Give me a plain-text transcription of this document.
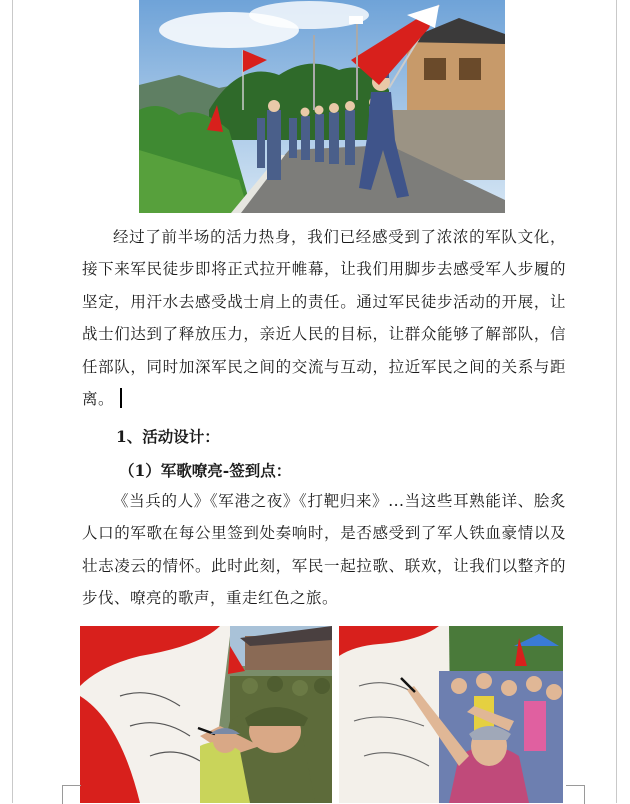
经过了前半场的活力热身，我们已经感受到了浓浓的军队文化，接下来军民徒步即将正式拉开帷幕，让我们用脚步去感受军人步履的坚定，用汗水去感受战士肩上的责任。通过军民徒步活动的开展，让战士们达到了释放压力，亲近人民的目标，让群众能够了解部队，信任部队，同时加深军民之间的交流与互动，拉近军民之间的关系与距离。

1、活动设计：
（1）军歌嘹亮-签到点：

《当兵的人》《军港之夜》《打靶归来》...当这些耳熟能详、脍炙人口的军歌在每公里签到处奏响时，是否感受到了军人铁血豪情以及壮志凌云的情怀。此时此刻，军民一起拉歌、联欢，让我们以整齐的步伐、嘹亮的歌声，重走红色之旅。
